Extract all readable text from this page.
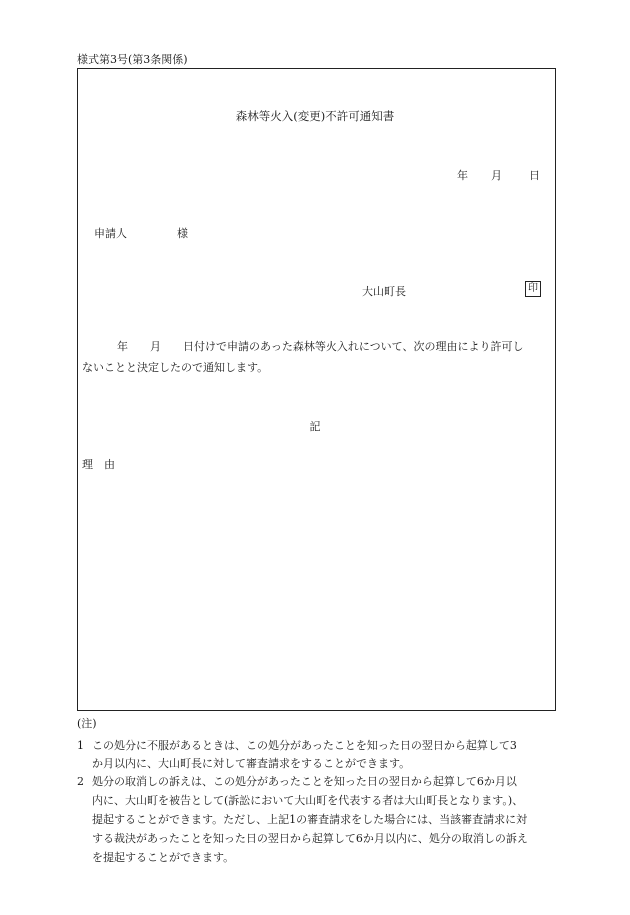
様式第3号(第3条関係)
森林等火入(変更)不許可通知書
年 月 日
申請人	様
大山町長	印
年　　月　　日付けで申請のあった森林等火入れについて、次の理由により許可し
ないことと決定したので通知します。
記
理　由
(注)
1 この処分に不服があるときは、この処分があったことを知った日の翌日から起算して3
か月以内に、大山町長に対して審査請求をすることができます。
2 処分の取消しの訴えは、この処分があったことを知った日の翌日から起算して6か月以
内に、大山町を被告として(訴訟において大山町を代表する者は大山町長となります。)、
提起することができます。ただし、上記1の審査請求をした場合には、当該審査請求に対
する裁決があったことを知った日の翌日から起算して6か月以内に、処分の取消しの訴え
を提起することができます。
